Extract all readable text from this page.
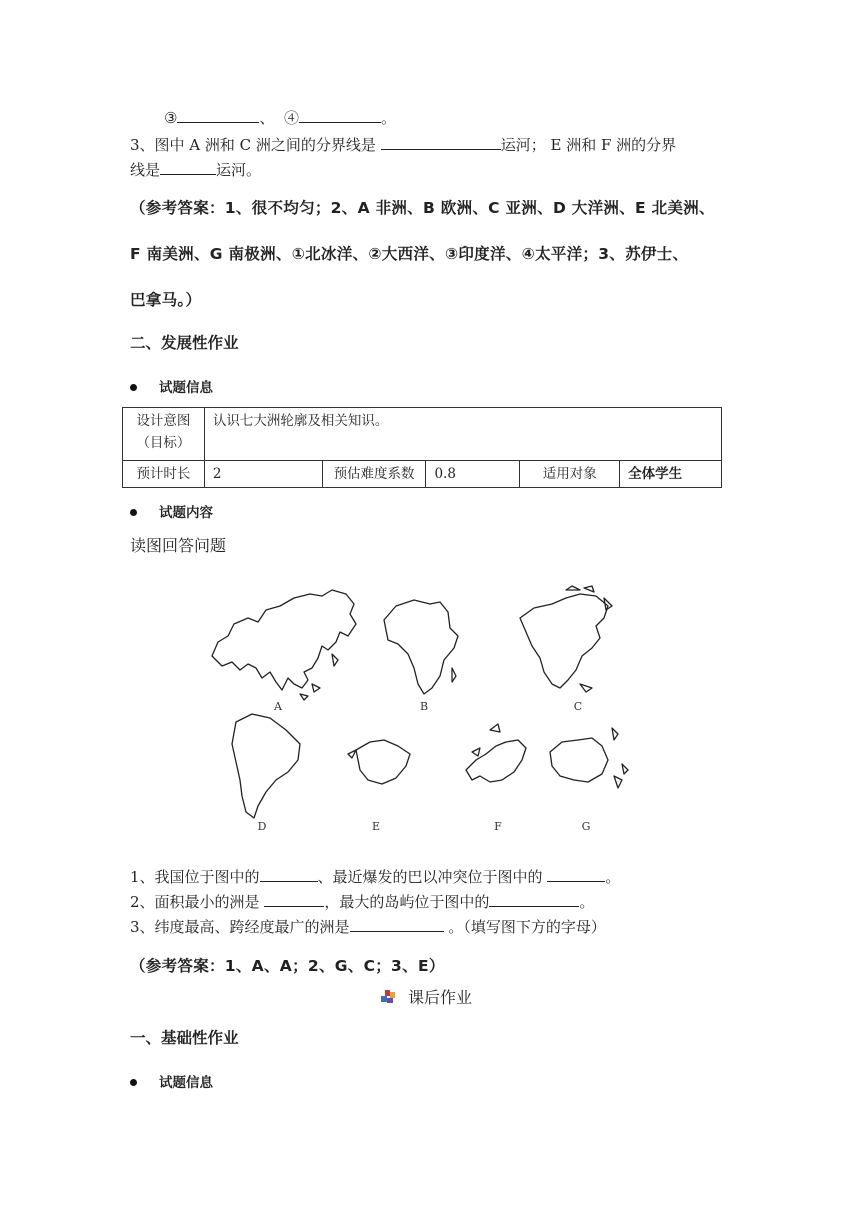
③	、 ④	。
3、图中 A 洲和 C 洲之间的分界线是	运河； E 洲和 F 洲的分界
线是	运河。
（参考答案：1、很不均匀；2、A 非洲、B 欧洲、C 亚洲、D 大洋洲、E 北美洲、
F 南美洲、G 南极洲、①北冰洋、②大西洋、③印度洋、④太平洋；3、苏伊士、
巴拿马。）
二、发展性作业
试题信息
设计意图
（目标）	认识七大洲轮廓及相关知识。				
预计时长	2	预估难度系数	0.8	适用对象	全体学生
试题内容
读图回答问题
A	B	C
D	E	F	G
1、我国位于图中的	、最近爆发的巴以冲突位于图中的	。
2、面积最小的洲是	，最大的岛屿位于图中的	。
3、纬度最高、跨经度最广的洲是	。（填写图下方的字母）
（参考答案：1、A、A；2、G、C；3、E）
课后作业
一、基础性作业
试题信息
